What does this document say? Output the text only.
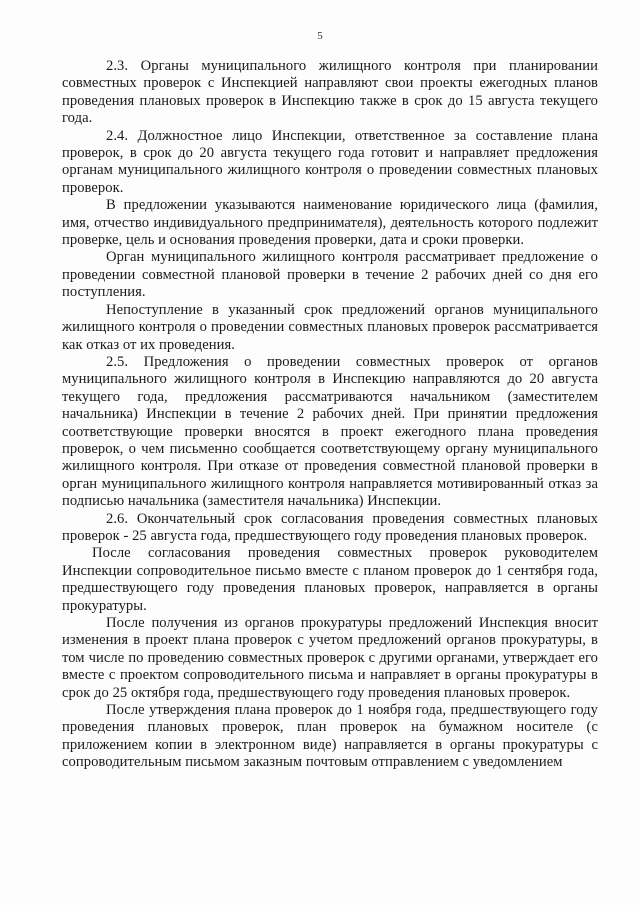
5

2.3. Органы муниципального жилищного контроля при планировании совместных проверок с Инспекцией направляют свои проекты ежегодных планов проведения плановых проверок в Инспекцию также в срок до 15 августа текущего года.

2.4. Должностное лицо Инспекции, ответственное за составление плана проверок, в срок до 20 августа текущего года готовит и направляет предложения органам муниципального жилищного контроля о проведении совместных плановых проверок.

В предложении указываются наименование юридического лица (фамилия, имя, отчество индивидуального предпринимателя), деятельность которого подлежит проверке, цель и основания проведения проверки, дата и сроки проверки.

Орган муниципального жилищного контроля рассматривает предложение о проведении совместной плановой проверки в течение 2 рабочих дней со дня его поступления.

Непоступление в указанный срок предложений органов муниципального жилищного контроля о проведении совместных плановых проверок рассматривается как отказ от их проведения.

2.5. Предложения о проведении совместных проверок от органов муниципального жилищного контроля в Инспекцию направляются до 20 августа текущего года, предложения рассматриваются начальником (заместителем начальника) Инспекции в течение 2 рабочих дней. При принятии предложения соответствующие проверки вносятся в проект ежегодного плана проведения проверок, о чем письменно сообщается соответствующему органу муниципального жилищного контроля. При отказе от проведения совместной плановой проверки в орган муниципального жилищного контроля направляется мотивированный отказ за подписью начальника (заместителя начальника) Инспекции.

2.6. Окончательный срок согласования проведения совместных плановых проверок - 25 августа года, предшествующего году проведения плановых проверок.

После согласования проведения совместных проверок руководителем Инспекции сопроводительное письмо вместе с планом проверок до 1 сентября года, предшествующего году проведения плановых проверок, направляется в органы прокуратуры.

После получения из органов прокуратуры предложений Инспекция вносит изменения в проект плана проверок с учетом предложений органов прокуратуры, в том числе по проведению совместных проверок с другими органами, утверждает его вместе с проектом сопроводительного письма и направляет в органы прокуратуры в срок до 25 октября года, предшествующего году проведения плановых проверок.

После утверждения плана проверок до 1 ноября года, предшествующего году проведения плановых проверок, план проверок на бумажном носителе (с приложением копии в электронном виде) направляется в органы прокуратуры с сопроводительным письмом заказным почтовым отправлением с уведомлением
